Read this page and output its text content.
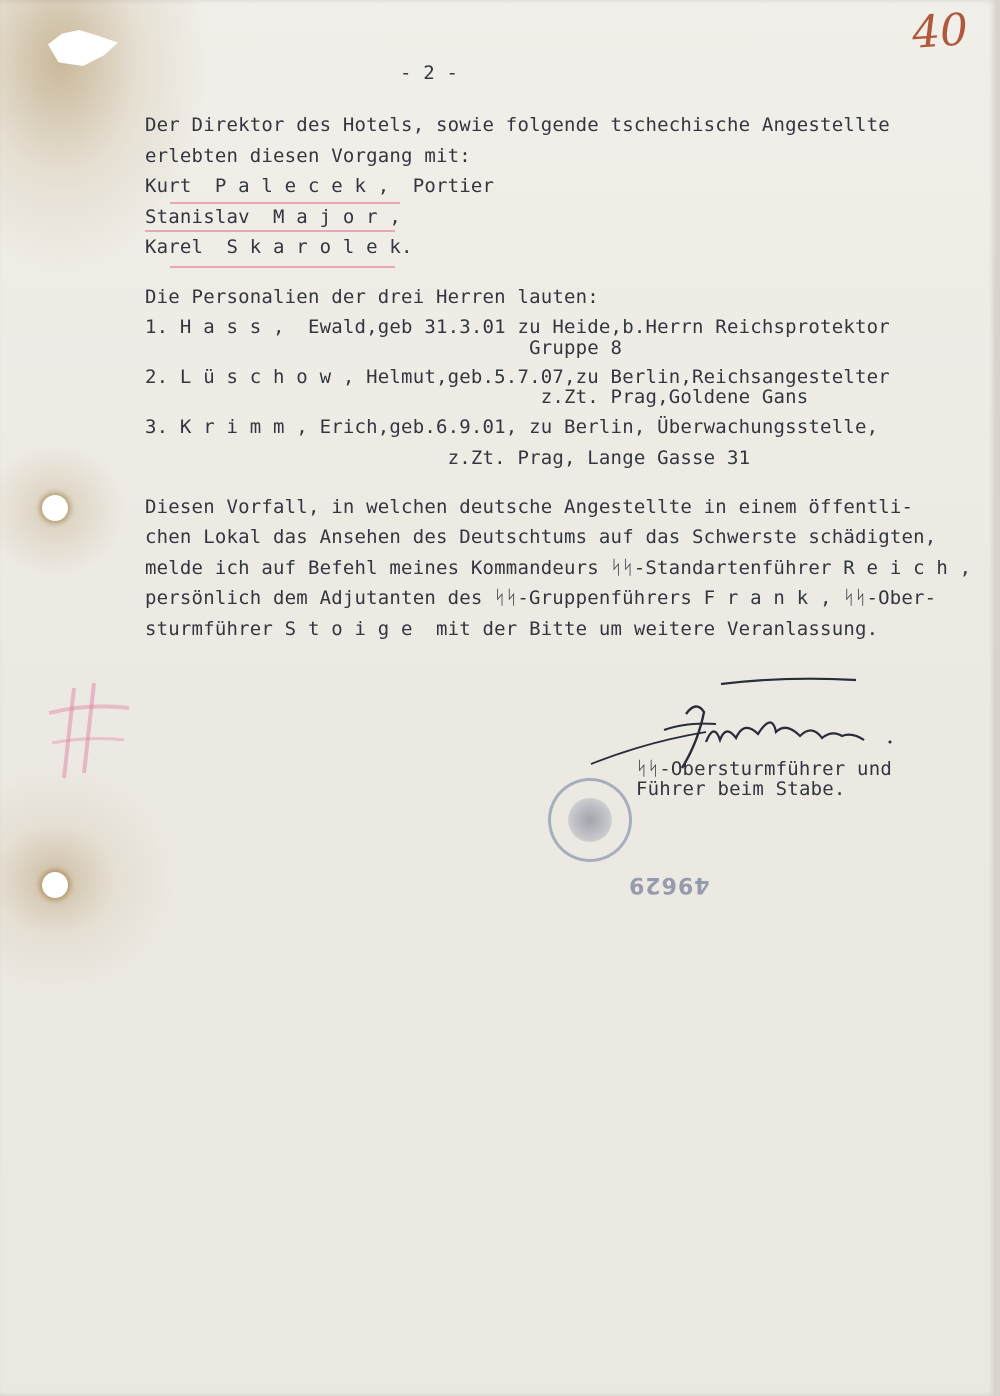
40
- 2 -
Der Direktor des Hotels, sowie folgende tschechische Angestellte
erlebten diesen Vorgang mit:
Kurt  P a l e c e k ,  Portier
Stanislav  M a j o r ,
Karel  S k a r o l e k.
Die Personalien der drei Herren lauten:
1. H a s s ,  Ewald,geb 31.3.01 zu Heide,b.Herrn Reichsprotektor
Gruppe 8
2. L ü s c h o w , Helmut,geb.5.7.07,zu Berlin,Reichsangestelter
z.Zt. Prag,Goldene Gans
3. K r i m m , Erich,geb.6.9.01, zu Berlin, Überwachungsstelle,
z.Zt. Prag, Lange Gasse 31
Diesen Vorfall, in welchen deutsche Angestellte in einem öffentli-
chen Lokal das Ansehen des Deutschtums auf das Schwerste schädigten,
melde ich auf Befehl meines Kommandeurs ᛋᛋ-Standartenführer R e i c h ,
persönlich dem Adjutanten des ᛋᛋ-Gruppenführers F r a n k , ᛋᛋ-Ober-
sturmführer S t o i g e  mit der Bitte um weitere Veranlassung.
ᛋᛋ-Obersturmführer und
Führer beim Stabe.
49629
